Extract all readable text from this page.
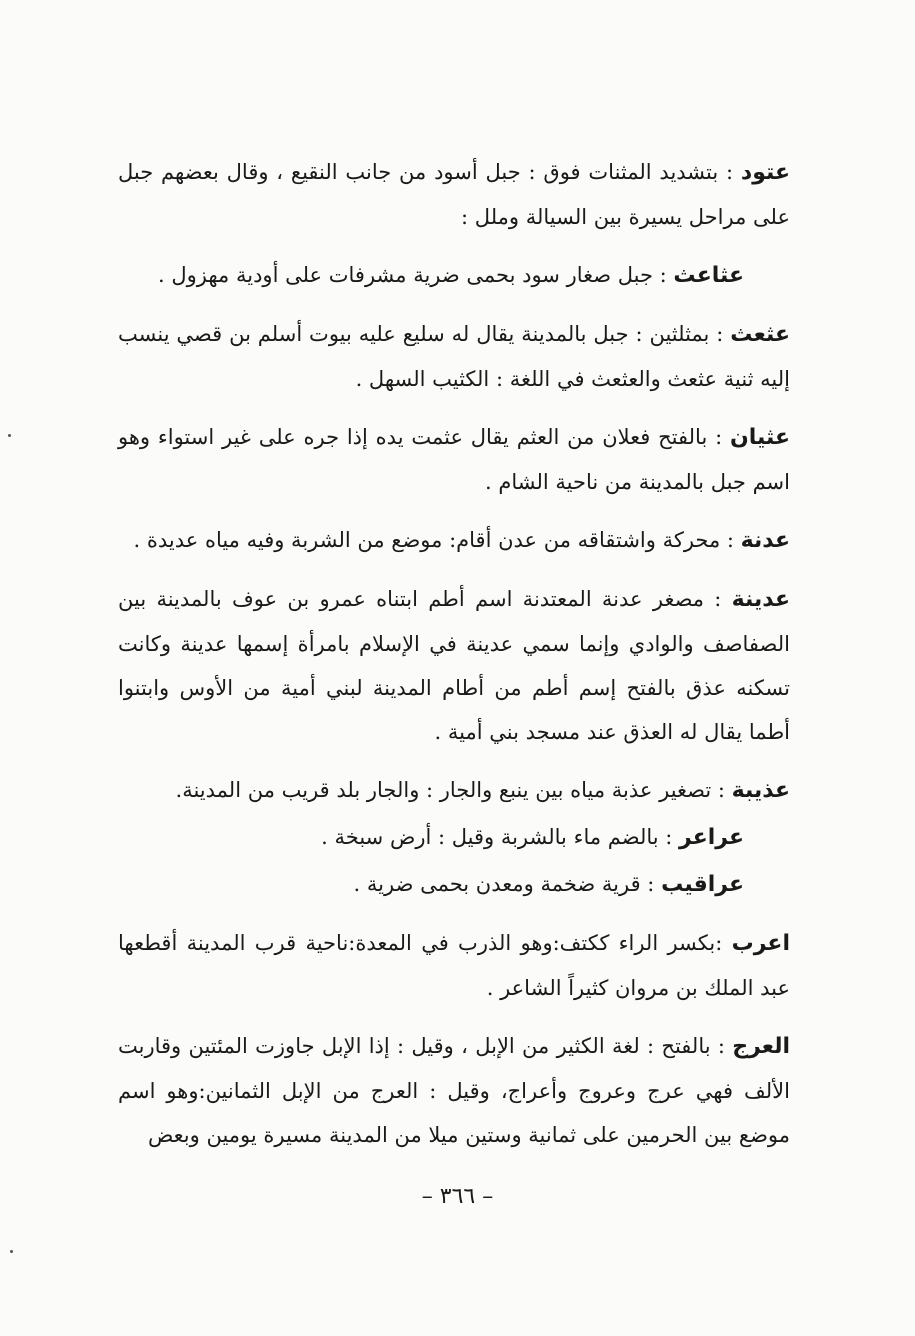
عتود : بتشديد المثنات فوق : جبل أسود من جانب النقيع ، وقال بعضهم جبل على مراحل يسيرة بين السيالة وملل :

عثاعث : جبل صغار سود بحمى ضرية مشرفات على أودية مهزول .

عثعث : بمثلثين : جبل بالمدينة يقال له سليع عليه بيوت أسلم بن قصي ينسب إليه ثنية عثعث والعثعث في اللغة : الكثيب السهل .

عثيان : بالفتح فعلان من العثم يقال عثمت يده إذا جره على غير استواء وهو اسم جبل بالمدينة من ناحية الشام .

عدنة : محركة واشتقاقه من عدن أقام: موضع من الشربة وفيه مياه عديدة .

عدينة : مصغر عدنة المعتدنة اسم أطم ابتناه عمرو بن عوف بالمدينة بين الصفاصف والوادي وإنما سمي عدينة في الإسلام بامرأة إسمها عدينة وكانت تسكنه عذق بالفتح إسم أطم من أطام المدينة لبني أمية من الأوس وابتنوا أطما يقال له العذق عند مسجد بني أمية .

عذيبة : تصغير عذبة مياه بين ينبع والجار : والجار بلد قريب من المدينة.

عراعر : بالضم ماء بالشربة وقيل : أرض سبخة .

عراقيب : قرية ضخمة ومعدن بحمى ضرية .

اعرب :بكسر الراء ككتف:وهو الذرب في المعدة:ناحية قرب المدينة أقطعها عبد الملك بن مروان كثيراً الشاعر .

العرج : بالفتح : لغة الكثير من الإبل ، وقيل : إذا الإبل جاوزت المئتين وقاربت الألف فهي عرج وعروج وأعراج، وقيل : العرج من الإبل الثمانين:وهو اسم موضع بين الحرمين على ثمانية وستين ميلا من المدينة مسيرة يومين وبعض

– ٣٦٦ –
